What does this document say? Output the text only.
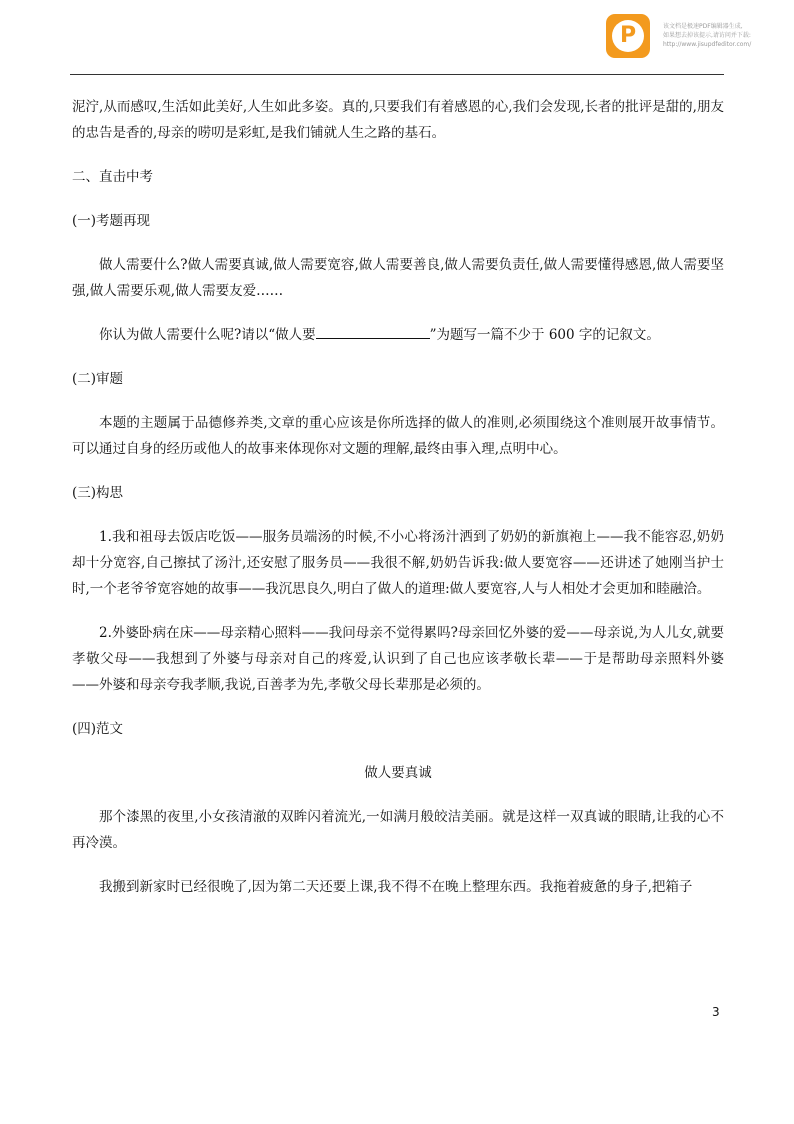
P	该文档是极速PDF编辑器生成,
如果想去掉该提示,请访问并下载:
http://www.jisupdfeditor.com/

泥泞,从而感叹,生活如此美好,人生如此多姿。真的,只要我们有着感恩的心,我们会发现,长者的批评是甜的,朋友的忠告是香的,母亲的唠叨是彩虹,是我们铺就人生之路的基石。

二、直击中考
(一)考题再现

做人需要什么?做人需要真诚,做人需要宽容,做人需要善良,做人需要负责任,做人需要懂得感恩,做人需要坚强,做人需要乐观,做人需要友爱……

你认为做人需要什么呢?请以“做人要	”为题写一篇不少于 600 字的记叙文。

(二)审题

本题的主题属于品德修养类,文章的重心应该是你所选择的做人的准则,必须围绕这个准则展开故事情节。可以通过自身的经历或他人的故事来体现你对文题的理解,最终由事入理,点明中心。

(三)构思

1.我和祖母去饭店吃饭——服务员端汤的时候,不小心将汤汁洒到了奶奶的新旗袍上——我不能容忍,奶奶却十分宽容,自己擦拭了汤汁,还安慰了服务员——我很不解,奶奶告诉我:做人要宽容——还讲述了她刚当护士时,一个老爷爷宽容她的故事——我沉思良久,明白了做人的道理:做人要宽容,人与人相处才会更加和睦融洽。

2.外婆卧病在床——母亲精心照料——我问母亲不觉得累吗?母亲回忆外婆的爱——母亲说,为人儿女,就要孝敬父母——我想到了外婆与母亲对自己的疼爱,认识到了自己也应该孝敬长辈——于是帮助母亲照料外婆——外婆和母亲夸我孝顺,我说,百善孝为先,孝敬父母长辈那是必须的。

(四)范文
做人要真诚

那个漆黑的夜里,小女孩清澈的双眸闪着流光,一如满月般皎洁美丽。就是这样一双真诚的眼睛,让我的心不再冷漠。

我搬到新家时已经很晚了,因为第二天还要上课,我不得不在晚上整理东西。我拖着疲惫的身子,把箱子

3
